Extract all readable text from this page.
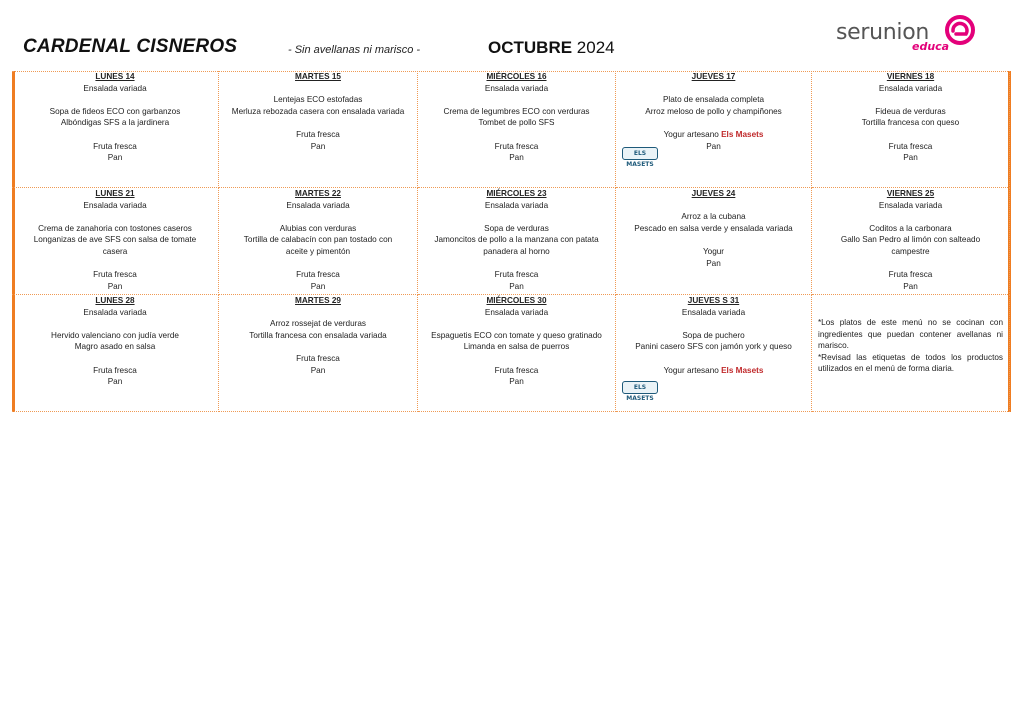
CARDENAL CISNEROS	- Sin avellanas ni marisco -	OCTUBRE 2024
serunion
educa
LUNES 14
Ensalada variada
Sopa de fideos ECO con garbanzos
Albóndigas SFS a la jardinera
Fruta fresca
Pan
MARTES 15
Lentejas ECO estofadas
Merluza rebozada casera con ensalada variada
Fruta fresca
Pan
MIÉRCOLES 16
Ensalada variada
Crema de legumbres ECO con verduras
Tombet de pollo SFS
Fruta fresca
Pan
JUEVES 17
Plato de ensalada completa
Arroz meloso de pollo y champiñones
Yogur artesano Els Masets
Pan
ELS MASETS
VIERNES 18
Ensalada variada
Fideua de verduras
Tortilla francesa con queso
Fruta fresca
Pan
LUNES 21
Ensalada variada
Crema de zanahoria con tostones caseros
Longanizas de ave SFS con salsa de tomate
casera
Fruta fresca
Pan
MARTES 22
Ensalada variada
Alubias con verduras
Tortilla de calabacín con pan tostado con
aceite y pimentón
Fruta fresca
Pan
MIÉRCOLES 23
Ensalada variada
Sopa de verduras
Jamoncitos de pollo a la manzana con patata
panadera al horno
Fruta fresca
Pan
JUEVES 24
Arroz a la cubana
Pescado en salsa verde y ensalada variada
Yogur
Pan
VIERNES 25
Ensalada variada
Coditos a la carbonara
Gallo San Pedro al limón con salteado
campestre
Fruta fresca
Pan
LUNES 28
Ensalada variada
Hervido valenciano con judía verde
Magro asado en salsa
Fruta fresca
Pan
MARTES 29
Arroz rossejat de verduras
Tortilla francesa con ensalada variada
Fruta fresca
Pan
MIÉRCOLES 30
Ensalada variada
Espaguetis ECO con tomate y queso gratinado
Limanda en salsa de puerros
Fruta fresca
Pan
JUEVES S 31
Ensalada variada
Sopa de puchero
Panini casero SFS con jamón york y queso
Yogur artesano Els Masets
ELS MASETS
*Los platos de este menú no se cocinan con ingredientes que puedan contener avellanas ni marisco.
*Revisad las etiquetas de todos los productos utilizados en el menú de forma diaria.
